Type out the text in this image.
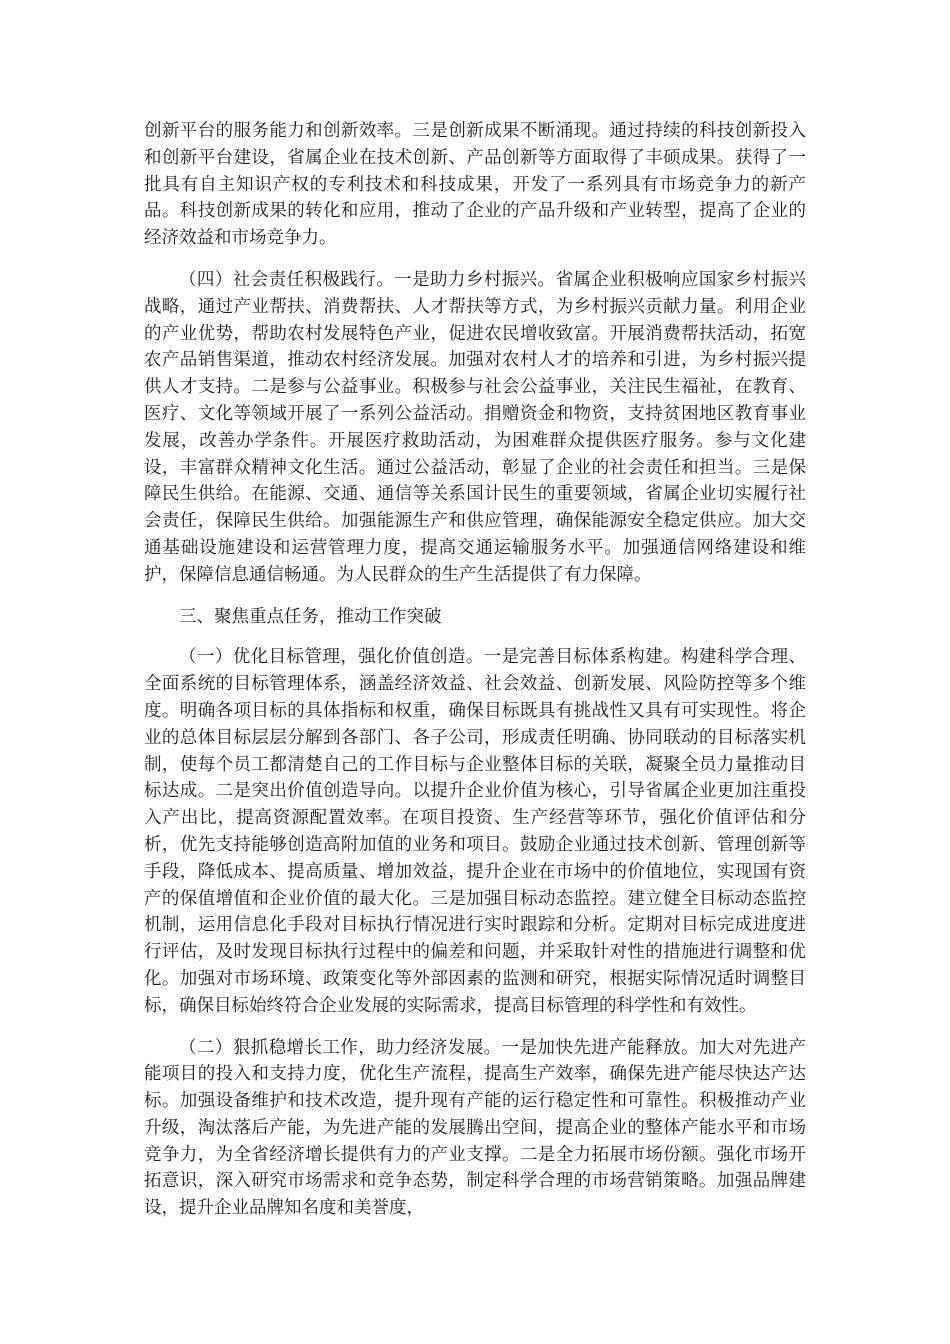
创新平台的服务能力和创新效率。三是创新成果不断涌现。通过持续的科技创新投入和创新平台建设，省属企业在技术创新、产品创新等方面取得了丰硕成果。获得了一批具有自主知识产权的专利技术和科技成果，开发了一系列具有市场竞争力的新产品。科技创新成果的转化和应用，推动了企业的产品升级和产业转型，提高了企业的经济效益和市场竞争力。

（四）社会责任积极践行。一是助力乡村振兴。省属企业积极响应国家乡村振兴战略，通过产业帮扶、消费帮扶、人才帮扶等方式，为乡村振兴贡献力量。利用企业的产业优势，帮助农村发展特色产业，促进农民增收致富。开展消费帮扶活动，拓宽农产品销售渠道，推动农村经济发展。加强对农村人才的培养和引进，为乡村振兴提供人才支持。二是参与公益事业。积极参与社会公益事业，关注民生福祉，在教育、医疗、文化等领域开展了一系列公益活动。捐赠资金和物资，支持贫困地区教育事业发展，改善办学条件。开展医疗救助活动，为困难群众提供医疗服务。参与文化建设，丰富群众精神文化生活。通过公益活动，彰显了企业的社会责任和担当。三是保障民生供给。在能源、交通、通信等关系国计民生的重要领域，省属企业切实履行社会责任，保障民生供给。加强能源生产和供应管理，确保能源安全稳定供应。加大交通基础设施建设和运营管理力度，提高交通运输服务水平。加强通信网络建设和维护，保障信息通信畅通。为人民群众的生产生活提供了有力保障。

三、聚焦重点任务，推动工作突破

（一）优化目标管理，强化价值创造。一是完善目标体系构建。构建科学合理、全面系统的目标管理体系，涵盖经济效益、社会效益、创新发展、风险防控等多个维度。明确各项目标的具体指标和权重，确保目标既具有挑战性又具有可实现性。将企业的总体目标层层分解到各部门、各子公司，形成责任明确、协同联动的目标落实机制，使每个员工都清楚自己的工作目标与企业整体目标的关联，凝聚全员力量推动目标达成。二是突出价值创造导向。以提升企业价值为核心，引导省属企业更加注重投入产出比，提高资源配置效率。在项目投资、生产经营等环节，强化价值评估和分析，优先支持能够创造高附加值的业务和项目。鼓励企业通过技术创新、管理创新等手段，降低成本、提高质量、增加效益，提升企业在市场中的价值地位，实现国有资产的保值增值和企业价值的最大化。三是加强目标动态监控。建立健全目标动态监控机制，运用信息化手段对目标执行情况进行实时跟踪和分析。定期对目标完成进度进行评估，及时发现目标执行过程中的偏差和问题，并采取针对性的措施进行调整和优化。加强对市场环境、政策变化等外部因素的监测和研究，根据实际情况适时调整目标，确保目标始终符合企业发展的实际需求，提高目标管理的科学性和有效性。

（二）狠抓稳增长工作，助力经济发展。一是加快先进产能释放。加大对先进产能项目的投入和支持力度，优化生产流程，提高生产效率，确保先进产能尽快达产达标。加强设备维护和技术改造，提升现有产能的运行稳定性和可靠性。积极推动产业升级，淘汰落后产能，为先进产能的发展腾出空间，提高企业的整体产能水平和市场竞争力，为全省经济增长提供有力的产业支撑。二是全力拓展市场份额。强化市场开拓意识，深入研究市场需求和竞争态势，制定科学合理的市场营销策略。加强品牌建设，提升企业品牌知名度和美誉度，
